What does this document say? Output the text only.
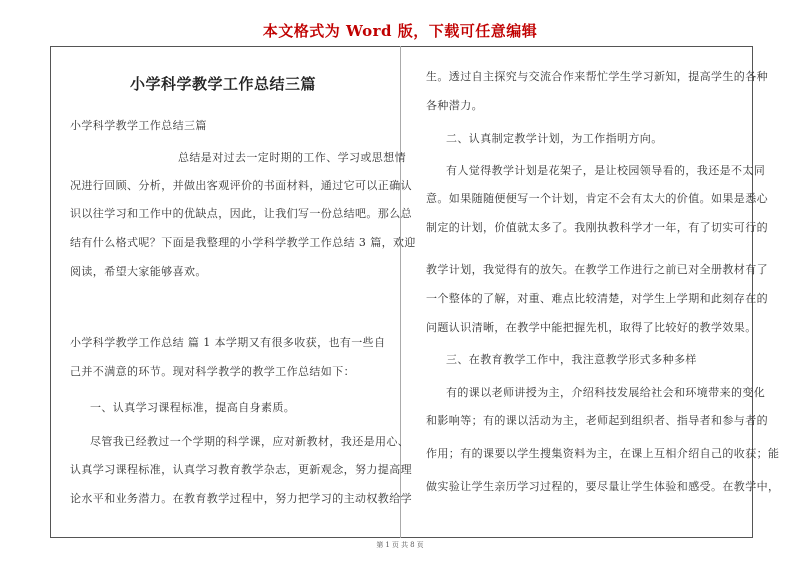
本文格式为 Word 版，下载可任意编辑
小学科学教学工作总结三篇
小学科学教学工作总结三篇
总结是对过去一定时期的工作、学习或思想情
况进行回顾、分析，并做出客观评价的书面材料，通过它可以正确认
识以往学习和工作中的优缺点，因此，让我们写一份总结吧。那么总
结有什么格式呢？下面是我整理的小学科学教学工作总结 3 篇，欢迎
阅读，希望大家能够喜欢。
小学科学教学工作总结 篇 1 本学期又有很多收获，也有一些自
己并不满意的环节。现对科学教学的教学工作总结如下：
一、认真学习课程标准，提高自身素质。
尽管我已经教过一个学期的科学课，应对新教材，我还是用心、
认真学习课程标准，认真学习教育教学杂志，更新观念，努力提高理
论水平和业务潜力。在教育教学过程中，努力把学习的主动权教给学
生。透过自主探究与交流合作来帮忙学生学习新知，提高学生的各种
各种潜力。
二、认真制定教学计划，为工作指明方向。
有人觉得教学计划是花架子，是让校园领导看的，我还是不太同
意。如果随随便便写一个计划，肯定不会有太大的价值。如果是悉心
制定的计划，价值就太多了。我刚执教科学才一年，有了切实可行的
教学计划，我觉得有的放矢。在教学工作进行之前已对全册教材有了
一个整体的了解，对重、难点比较清楚，对学生上学期和此刻存在的
问题认识清晰，在教学中能把握先机，取得了比较好的教学效果。
三、在教育教学工作中，我注意教学形式多种多样
有的课以老师讲授为主，介绍科技发展给社会和环境带来的变化
和影响等；有的课以活动为主，老师起到组织者、指导者和参与者的
作用；有的课要以学生搜集资料为主，在课上互相介绍自己的收获；能
做实验让学生亲历学习过程的，要尽量让学生体验和感受。在教学中，
第 1 页 共 8 页
